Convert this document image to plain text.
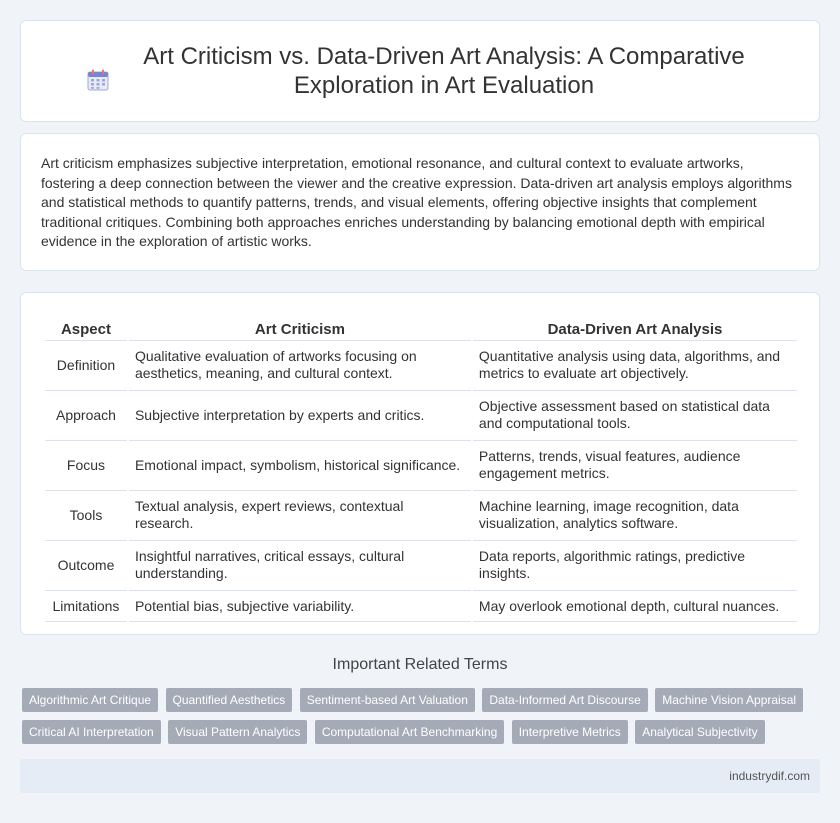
Art Criticism vs. Data-Driven Art Analysis: A Comparative Exploration in Art Evaluation

Art criticism emphasizes subjective interpretation, emotional resonance, and cultural context to evaluate artworks, fostering a deep connection between the viewer and the creative expression. Data-driven art analysis employs algorithms and statistical methods to quantify patterns, trends, and visual elements, offering objective insights that complement traditional critiques. Combining both approaches enriches understanding by balancing emotional depth with empirical evidence in the exploration of artistic works.

Aspect	Art Criticism	Data-Driven Art Analysis
Definition	Qualitative evaluation of artworks focusing on aesthetics, meaning, and cultural context.	Quantitative analysis using data, algorithms, and metrics to evaluate art objectively.
Approach	Subjective interpretation by experts and critics.	Objective assessment based on statistical data and computational tools.
Focus	Emotional impact, symbolism, historical significance.	Patterns, trends, visual features, audience engagement metrics.
Tools	Textual analysis, expert reviews, contextual research.	Machine learning, image recognition, data visualization, analytics software.
Outcome	Insightful narratives, critical essays, cultural understanding.	Data reports, algorithmic ratings, predictive insights.
Limitations	Potential bias, subjective variability.	May overlook emotional depth, cultural nuances.
Important Related Terms
Algorithmic Art Critique Quantified Aesthetics Sentiment-based Art Valuation Data-Informed Art Discourse Machine Vision Appraisal Critical AI Interpretation Visual Pattern Analytics Computational Art Benchmarking Interpretive Metrics Analytical Subjectivity
industrydif.com
